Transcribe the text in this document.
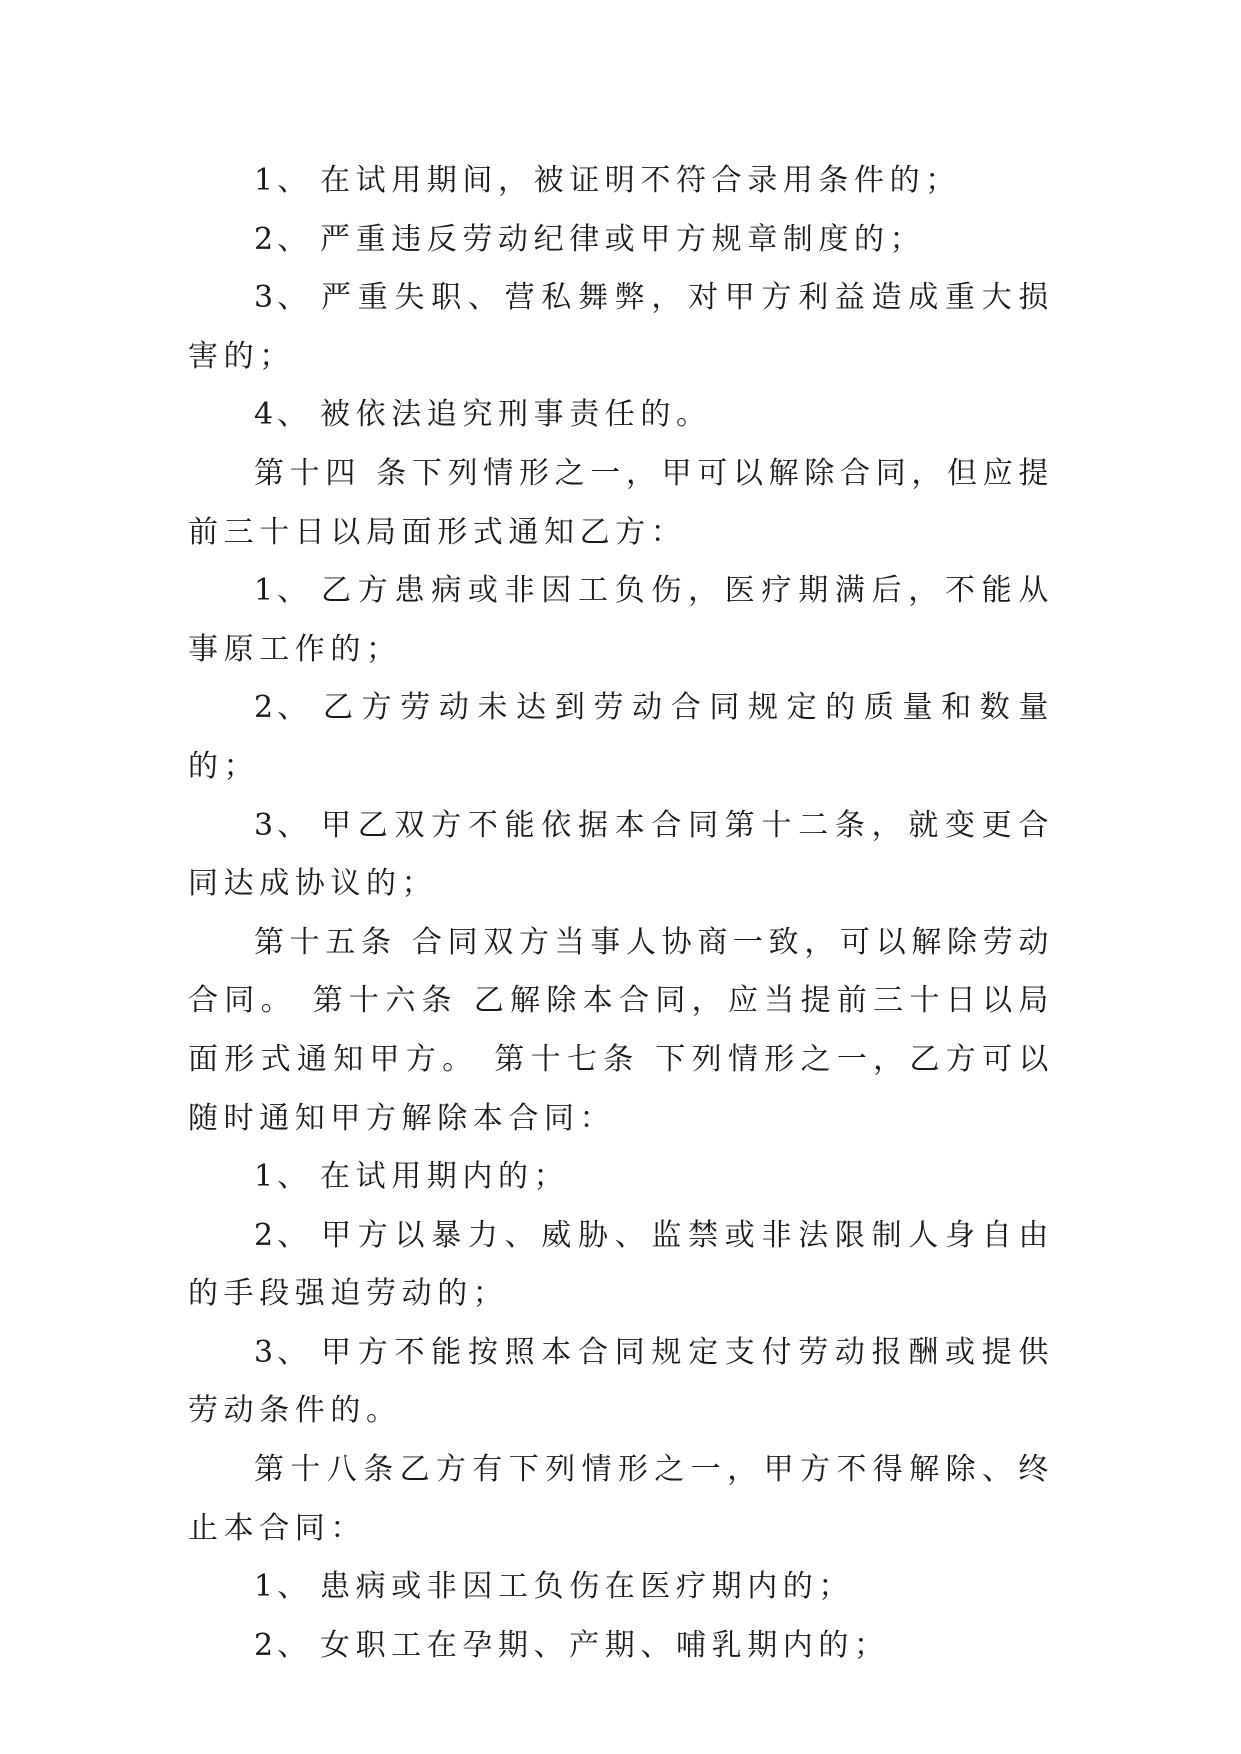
1、 在试用期间，被证明不符合录用条件的；

2、 严重违反劳动纪律或甲方规章制度的；

3、 严重失职、营私舞弊，对甲方利益造成重大损害的；

4、 被依法追究刑事责任的。

第十四 条下列情形之一，甲可以解除合同，但应提前三十日以局面形式通知乙方：

1、 乙方患病或非因工负伤，医疗期满后，不能从事原工作的；

2、 乙方劳动未达到劳动合同规定的质量和数量的；

3、 甲乙双方不能依据本合同第十二条，就变更合同达成协议的；

第十五条 合同双方当事人协商一致，可以解除劳动合同。 第十六条 乙解除本合同，应当提前三十日以局面形式通知甲方。 第十七条 下列情形之一，乙方可以随时通知甲方解除本合同：

1、 在试用期内的；

2、 甲方以暴力、威胁、监禁或非法限制人身自由的手段强迫劳动的；

3、 甲方不能按照本合同规定支付劳动报酬或提供劳动条件的。

第十八条乙方有下列情形之一，甲方不得解除、终止本合同：

1、 患病或非因工负伤在医疗期内的；

2、 女职工在孕期、产期、哺乳期内的；
